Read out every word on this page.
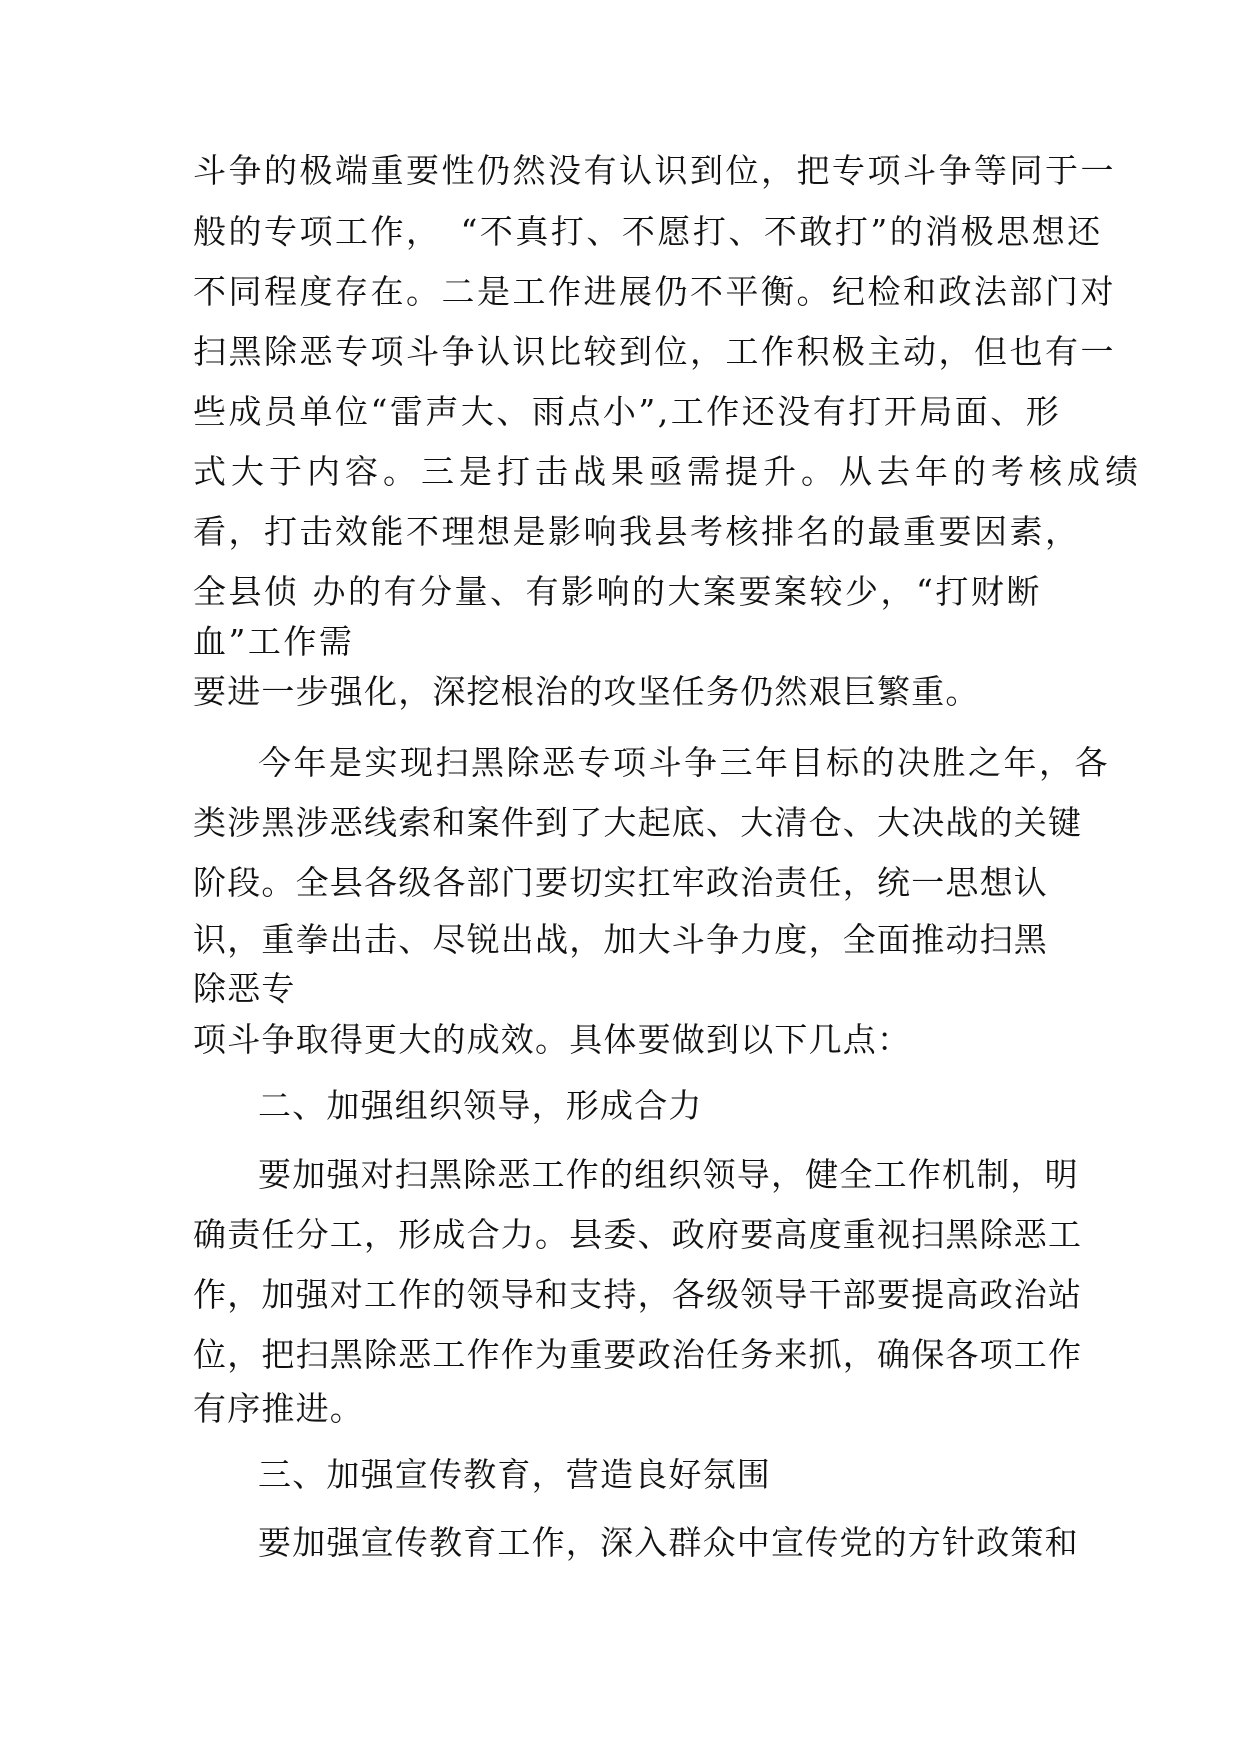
斗争的极端重要性仍然没有认识到位，把专项斗争等同于一

般的专项工作，　“不真打、不愿打、不敢打”的消极思想还

不同程度存在。二是工作进展仍不平衡。纪检和政法部门对

扫黑除恶专项斗争认识比较到位，工作积极主动，但也有一

些成员单位“雷声大、雨点小”,工作还没有打开局面、形

式大于内容。三是打击战果亟需提升。从去年的考核成绩

看，打击效能不理想是影响我县考核排名的最重要因素，

全县侦 办的有分量、有影响的大案要案较少，“打财断

血”工作需

要进一步强化，深挖根治的攻坚任务仍然艰巨繁重。

今年是实现扫黑除恶专项斗争三年目标的决胜之年，各

类涉黑涉恶线索和案件到了大起底、大清仓、大决战的关键

阶段。全县各级各部门要切实扛牢政治责任，统一思想认

识，重拳出击、尽锐出战，加大斗争力度，全面推动扫黑

除恶专

项斗争取得更大的成效。具体要做到以下几点：

二、加强组织领导，形成合力

要加强对扫黑除恶工作的组织领导，健全工作机制，明

确责任分工，形成合力。县委、政府要高度重视扫黑除恶工

作，加强对工作的领导和支持，各级领导干部要提高政治站

位，把扫黑除恶工作作为重要政治任务来抓，确保各项工作

有序推进。

三、加强宣传教育，营造良好氛围

要加强宣传教育工作，深入群众中宣传党的方针政策和
